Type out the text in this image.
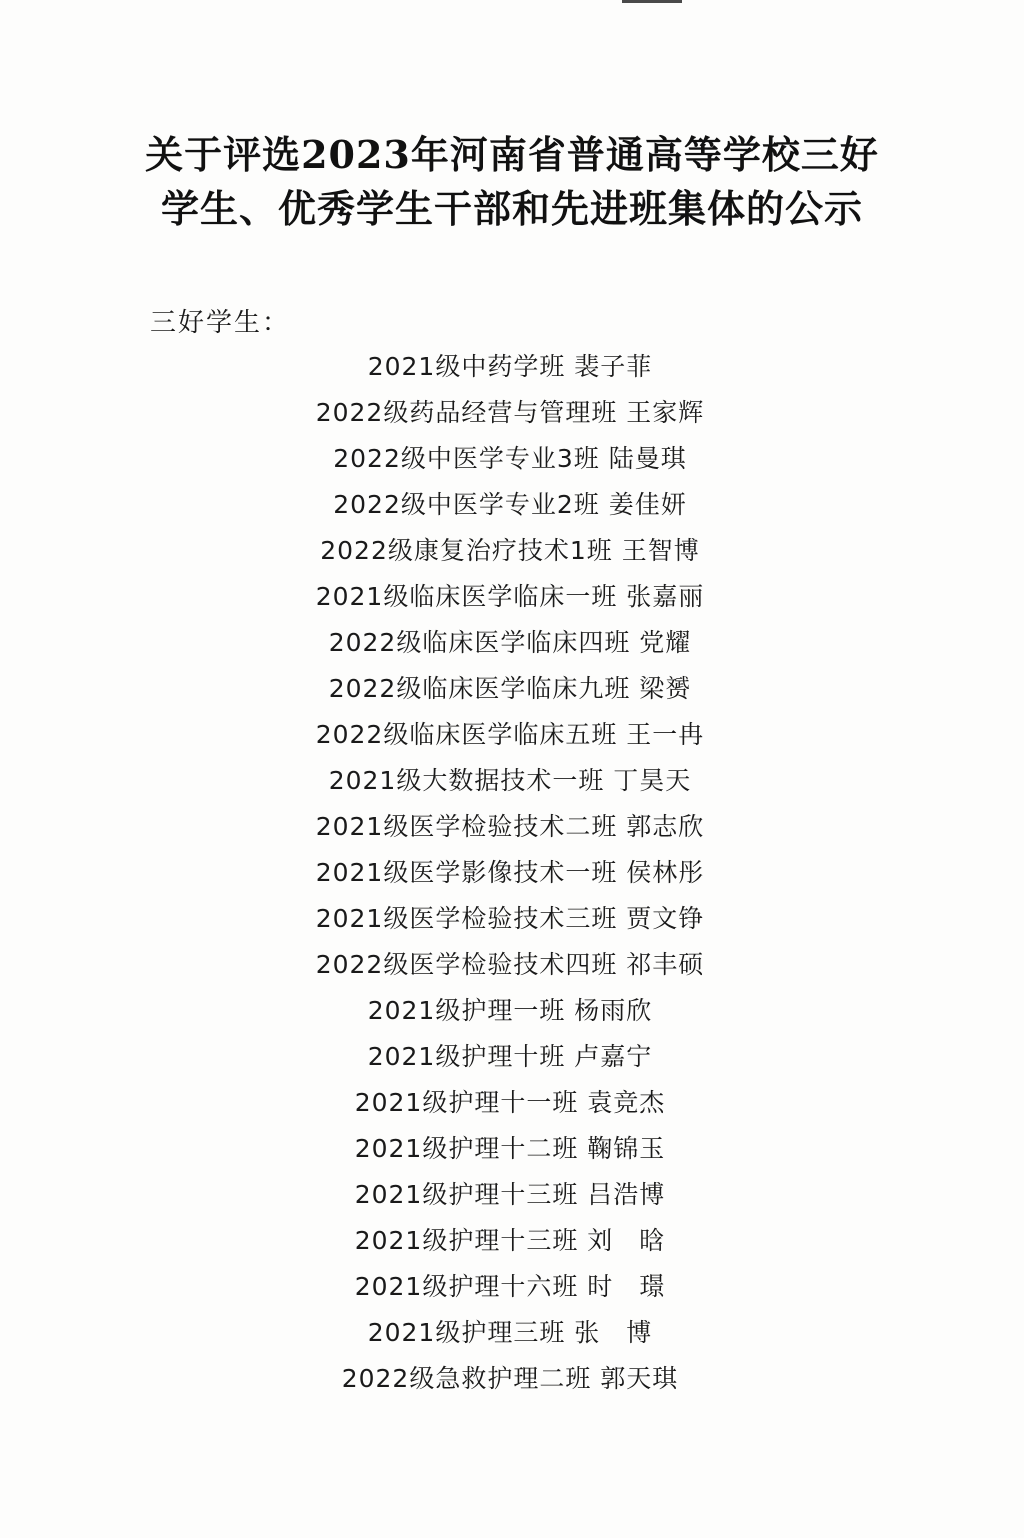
关于评选2023年河南省普通高等学校三好
学生、优秀学生干部和先进班集体的公示
三好学生：
2021级中药学班 裴子菲
2022级药品经营与管理班 王家辉
2022级中医学专业3班 陆曼琪
2022级中医学专业2班 姜佳妍
2022级康复治疗技术1班 王智博
2021级临床医学临床一班 张嘉丽
2022级临床医学临床四班 党耀
2022级临床医学临床九班 梁赟
2022级临床医学临床五班 王一冉
2021级大数据技术一班 丁昊天
2021级医学检验技术二班 郭志欣
2021级医学影像技术一班 侯林彤
2021级医学检验技术三班 贾文铮
2022级医学检验技术四班 祁丰硕
2021级护理一班 杨雨欣
2021级护理十班 卢嘉宁
2021级护理十一班 袁竞杰
2021级护理十二班 鞠锦玉
2021级护理十三班 吕浩博
2021级护理十三班 刘　晗
2021级护理十六班 时　璟
2021级护理三班 张　博
2022级急救护理二班 郭天琪
